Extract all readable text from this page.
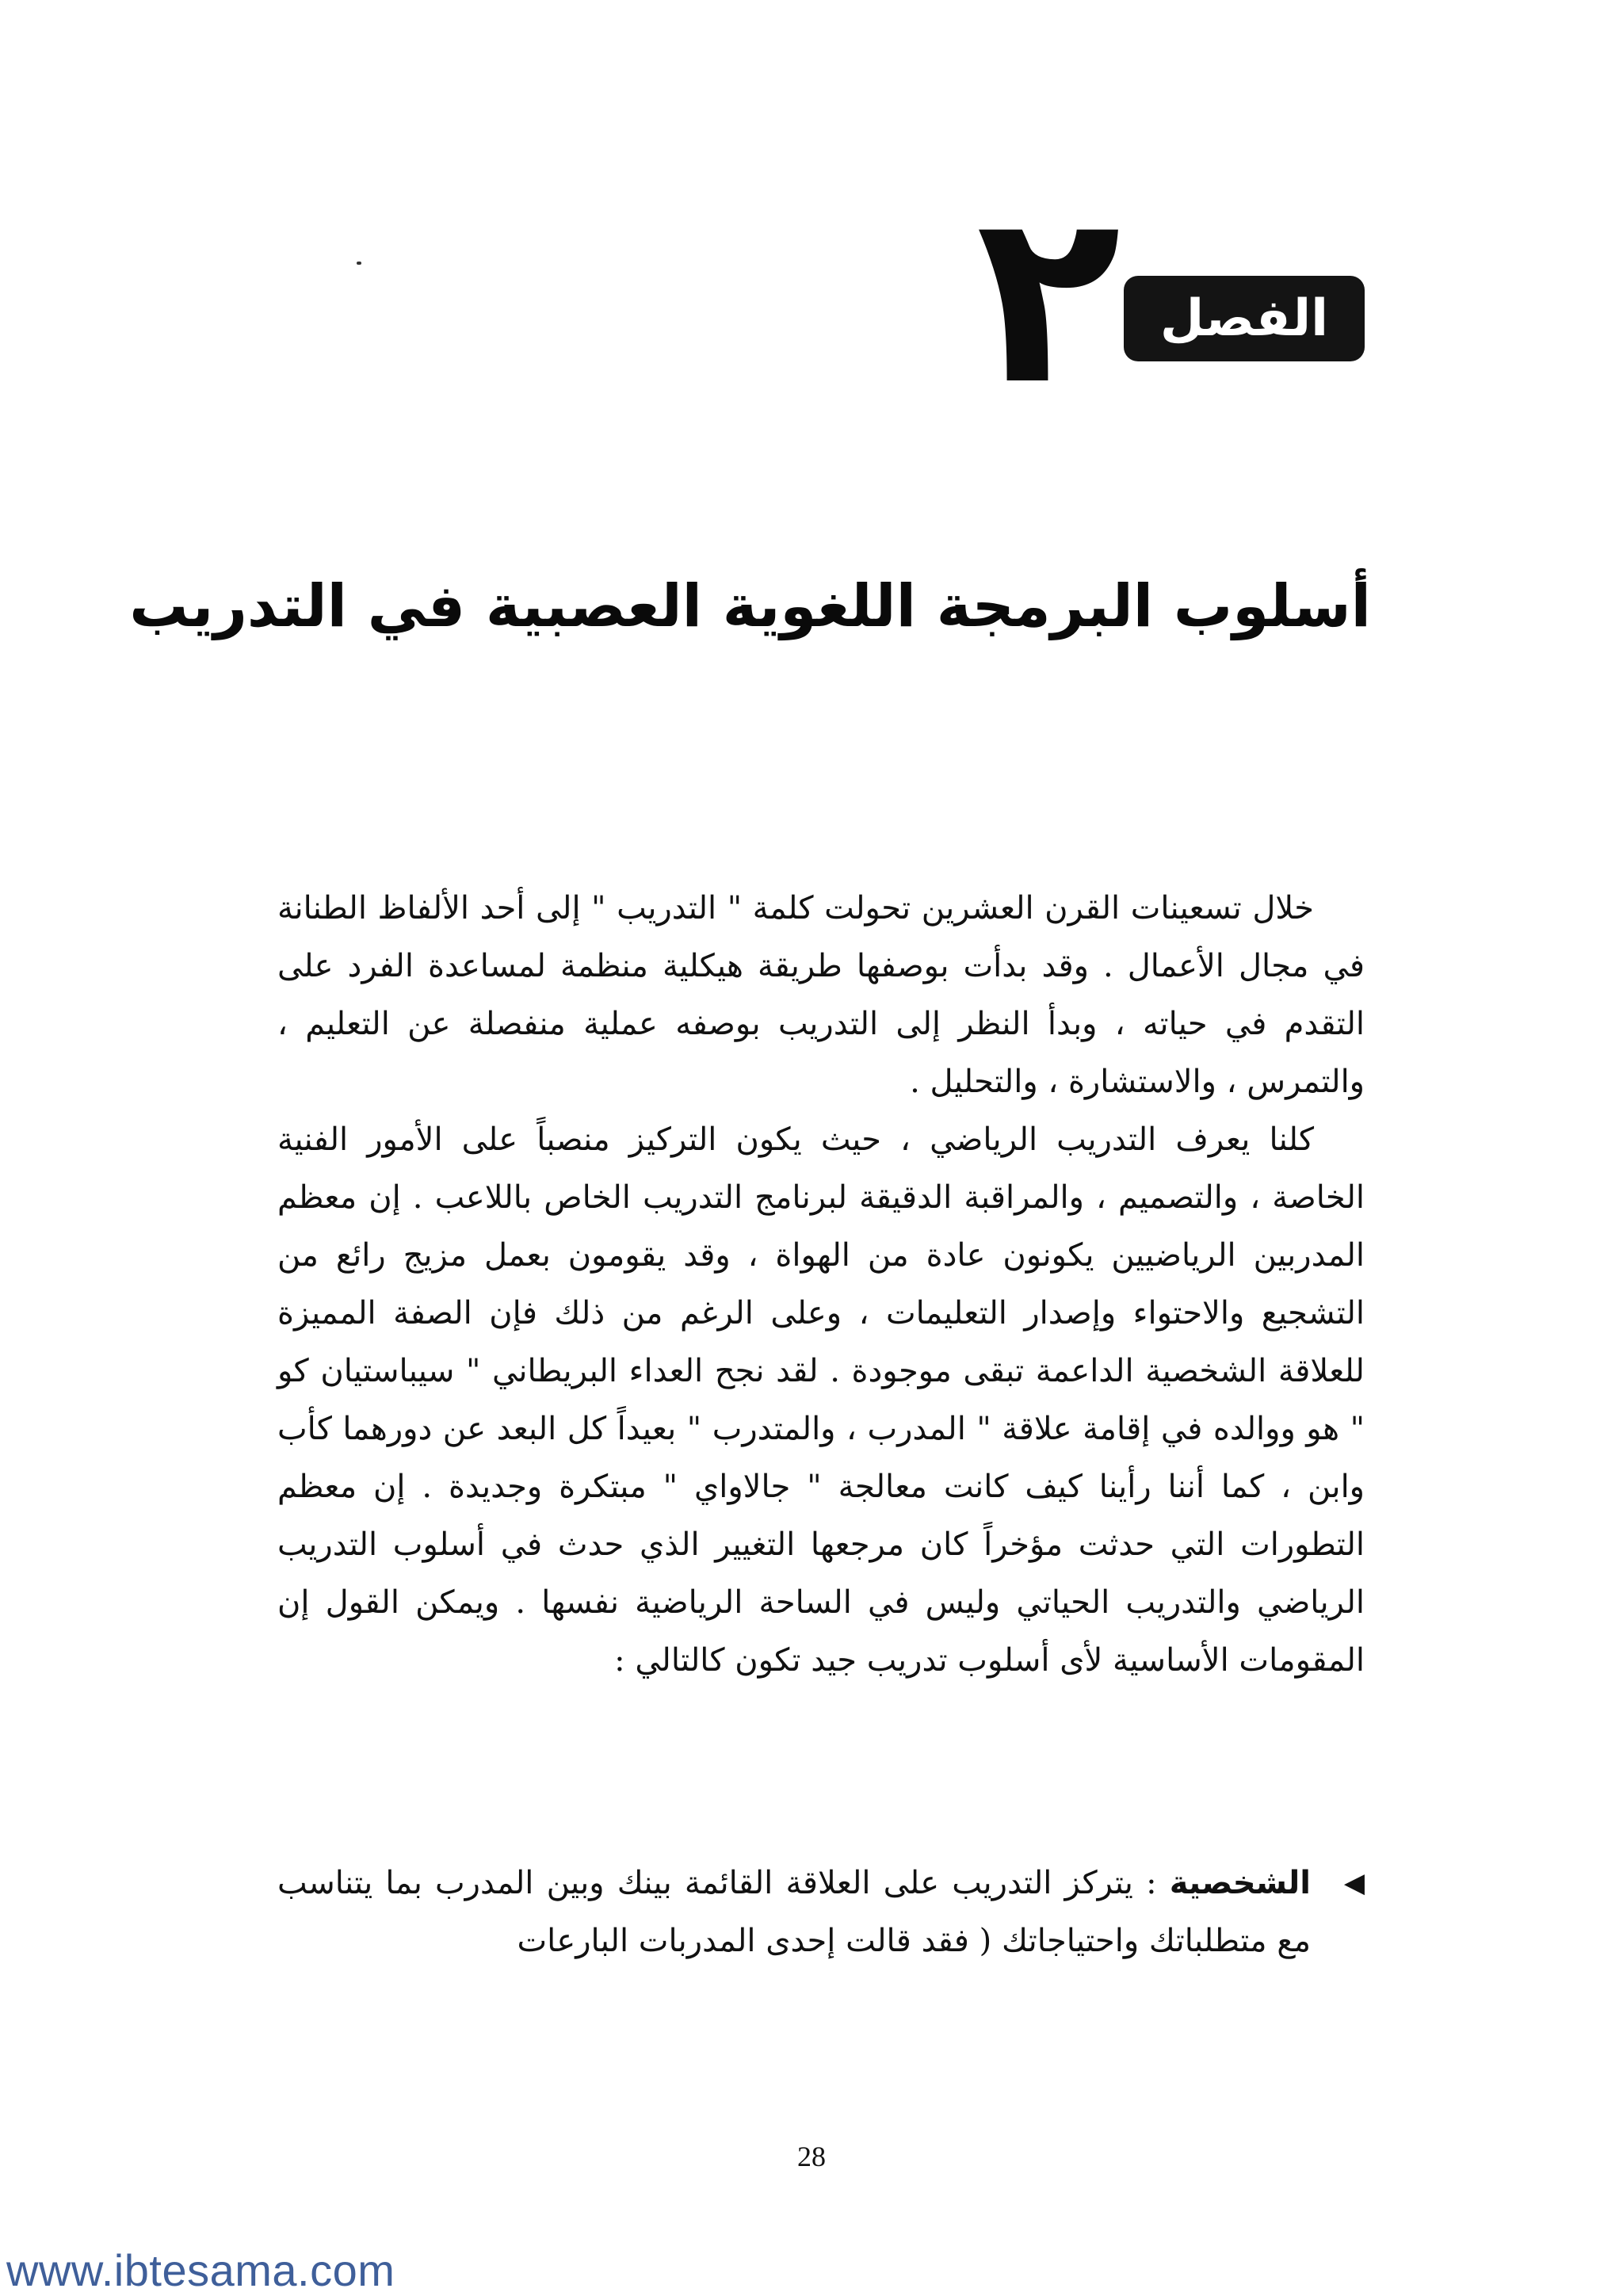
الفصل
٢
أسلوب البرمجة اللغوية العصبية في التدريب

خلال تسعينات القرن العشرين تحولت كلمة " التدريب " إلى أحد الألفاظ الطنانة في مجال الأعمال . وقد بدأت بوصفها طريقة هيكلية منظمة لمساعدة الفرد على التقدم في حياته ، وبدأ النظر إلى التدريب بوصفه عملية منفصلة عن التعليم ، والتمرس ، والاستشارة ، والتحليل .

كلنا يعرف التدريب الرياضي ، حيث يكون التركيز منصباً على الأمور الفنية الخاصة ، والتصميم ، والمراقبة الدقيقة لبرنامج التدريب الخاص باللاعب . إن معظم المدربين الرياضيين يكونون عادة من الهواة ، وقد يقومون بعمل مزيج رائع من التشجيع والاحتواء وإصدار التعليمات ، وعلى الرغم من ذلك فإن الصفة المميزة للعلاقة الشخصية الداعمة تبقى موجودة . لقد نجح العداء البريطاني " سيباستيان كو " هو ووالده في إقامة علاقة " المدرب ، والمتدرب " بعيداً كل البعد عن دورهما كأب وابن ، كما أننا رأينا كيف كانت معالجة " جالاواي " مبتكرة وجديدة . إن معظم التطورات التي حدثت مؤخراً كان مرجعها التغيير الذي حدث في أسلوب التدريب الرياضي والتدريب الحياتي وليس في الساحة الرياضية نفسها . ويمكن القول إن المقومات الأساسية لأى أسلوب تدريب جيد تكون كالتالي :

◀
الشخصية : يتركز التدريب على العلاقة القائمة بينك وبين المدرب بما يتناسب مع متطلباتك واحتياجاتك ( فقد قالت إحدى المدربات البارعات
28
www.ibtesama.com
